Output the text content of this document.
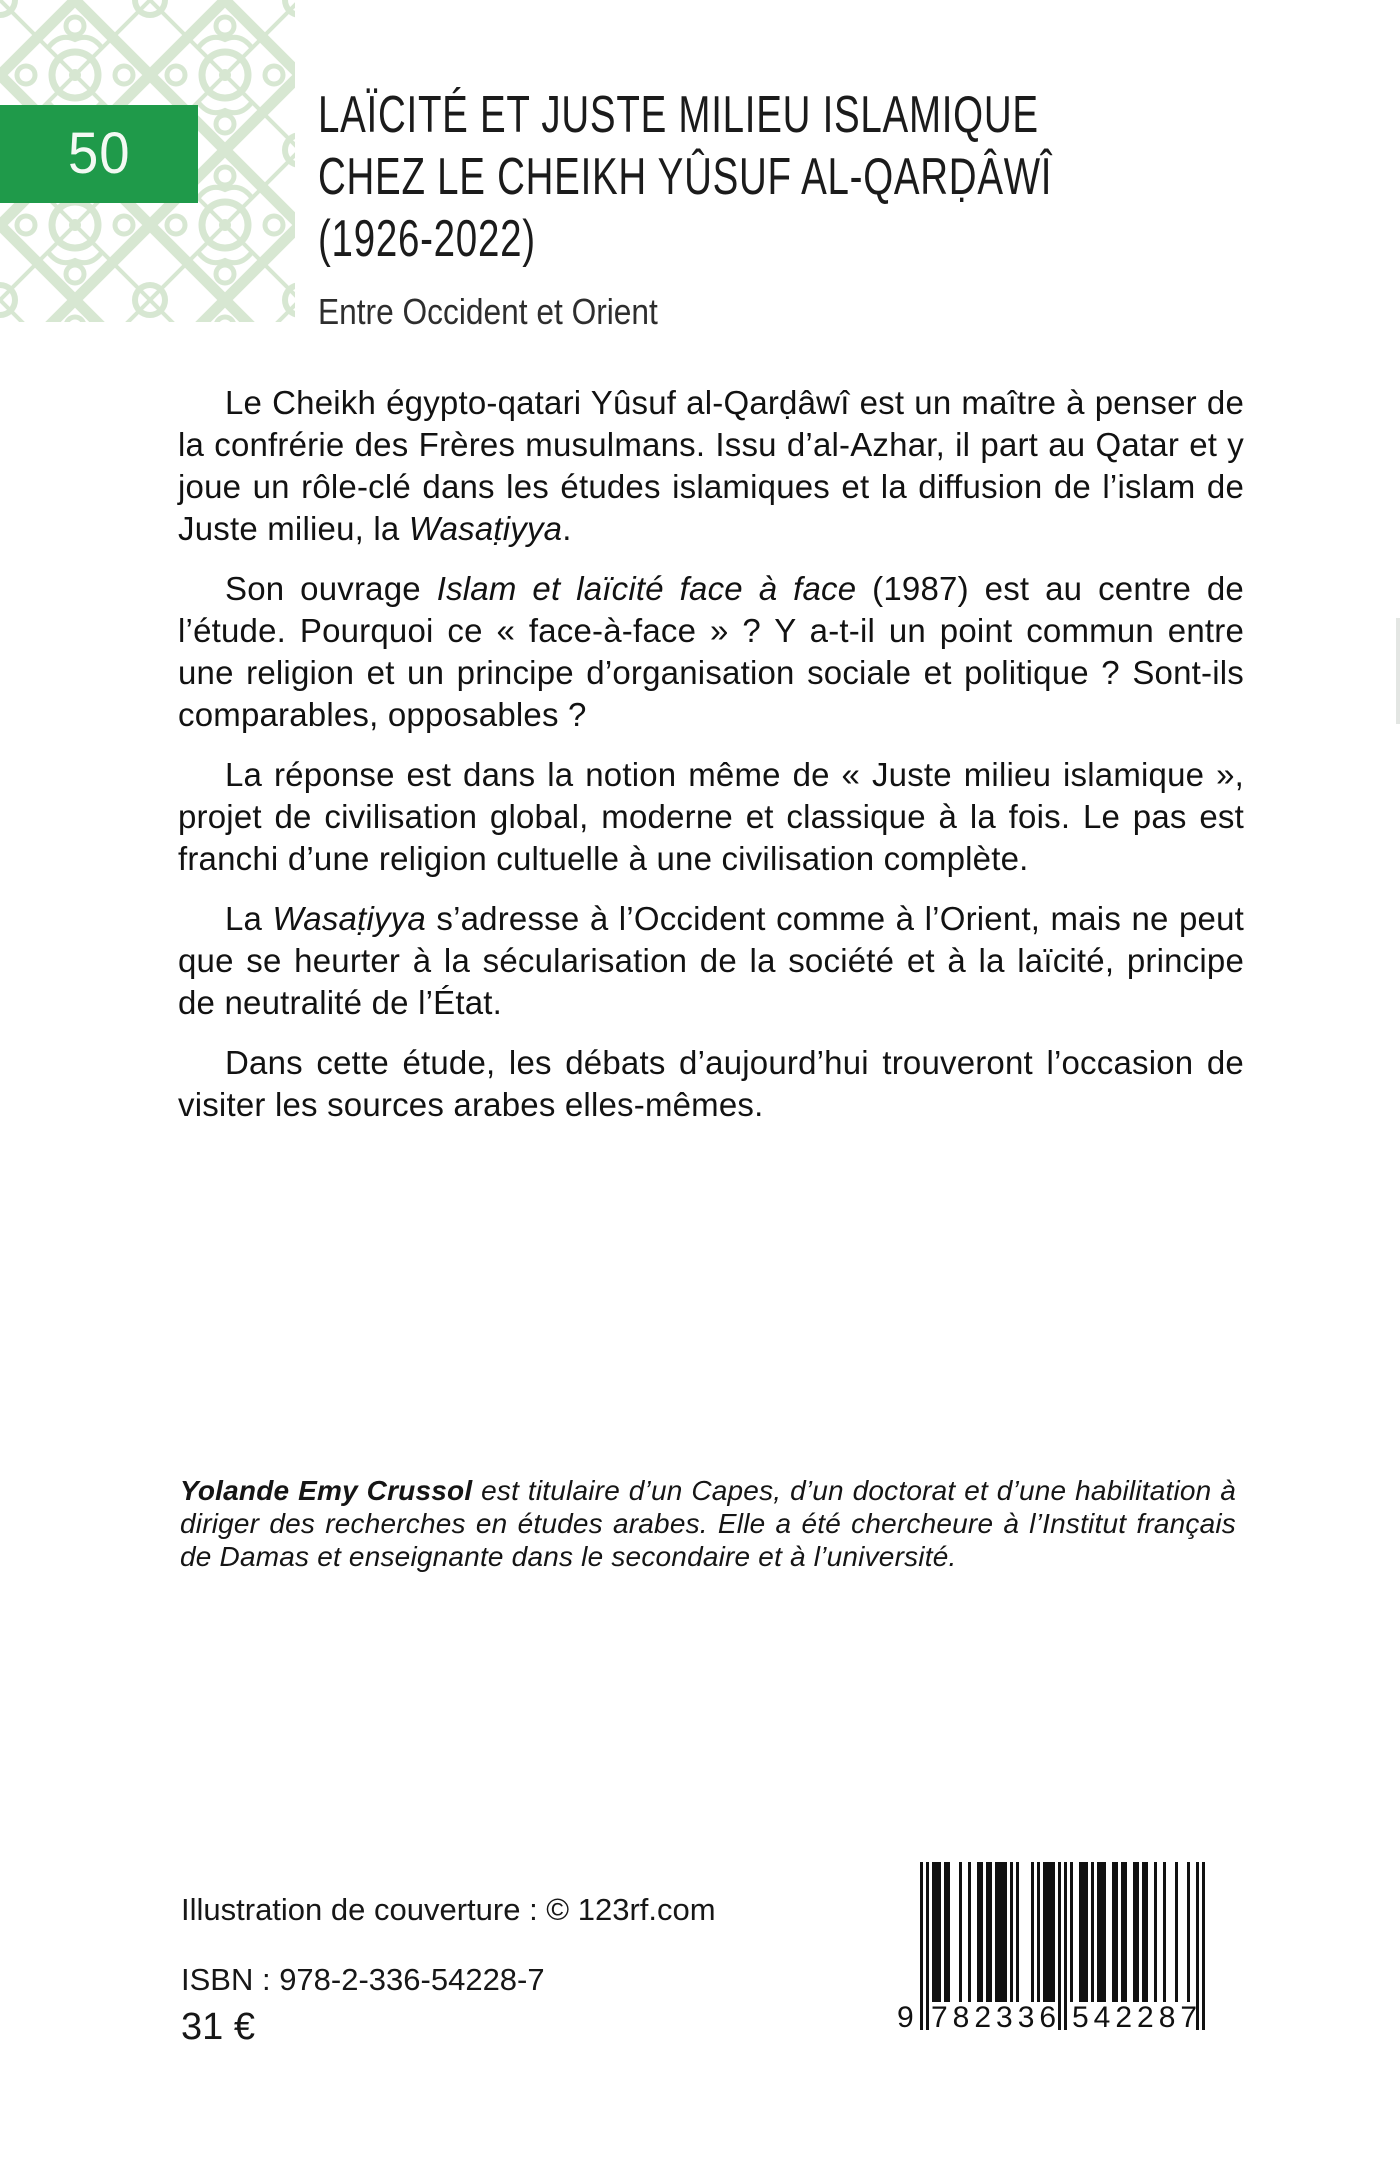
50
LAÏCITÉ ET JUSTE MILIEU ISLAMIQUE
CHEZ LE CHEIKH YÛSUF AL-QARḌÂWÎ
(1926-2022)
Entre Occident et Orient

Le Cheikh égypto-qatari Yûsuf al-Qarḍâwî est un maître à penser de la confrérie des Frères musulmans. Issu d’al-Azhar, il part au Qatar et y joue un rôle-clé dans les études islamiques et la diffusion de l’islam de Juste milieu, la Wasaṭiyya.

Son ouvrage Islam et laïcité face à face (1987) est au centre de l’étude. Pourquoi ce « face-à-face » ? Y a-t-il un point commun entre une religion et un principe d’organisation sociale et politique ? Sont-ils comparables, opposables ?

La réponse est dans la notion même de « Juste milieu islamique », projet de civilisation global, moderne et classique à la fois. Le pas est franchi d’une religion cultuelle à une civilisation complète.

La Wasaṭiyya s’adresse à l’Occident comme à l’Orient, mais ne peut que se heurter à la sécularisation de la société et à la laïcité, principe de neutralité de l’État.

Dans cette étude, les débats d’aujourd’hui trouveront l’occasion de visiter les sources arabes elles-mêmes.

Yolande Emy Crussol est titulaire d’un Capes, d’un doctorat et d’une habilitation à diriger des recherches en études arabes. Elle a été chercheure à l’Institut français de Damas et enseignante dans le secondaire et à l’université.

Illustration de couverture : © 123rf.com
ISBN : 978-2-336-54228-7
31 €	9 782336 542287
